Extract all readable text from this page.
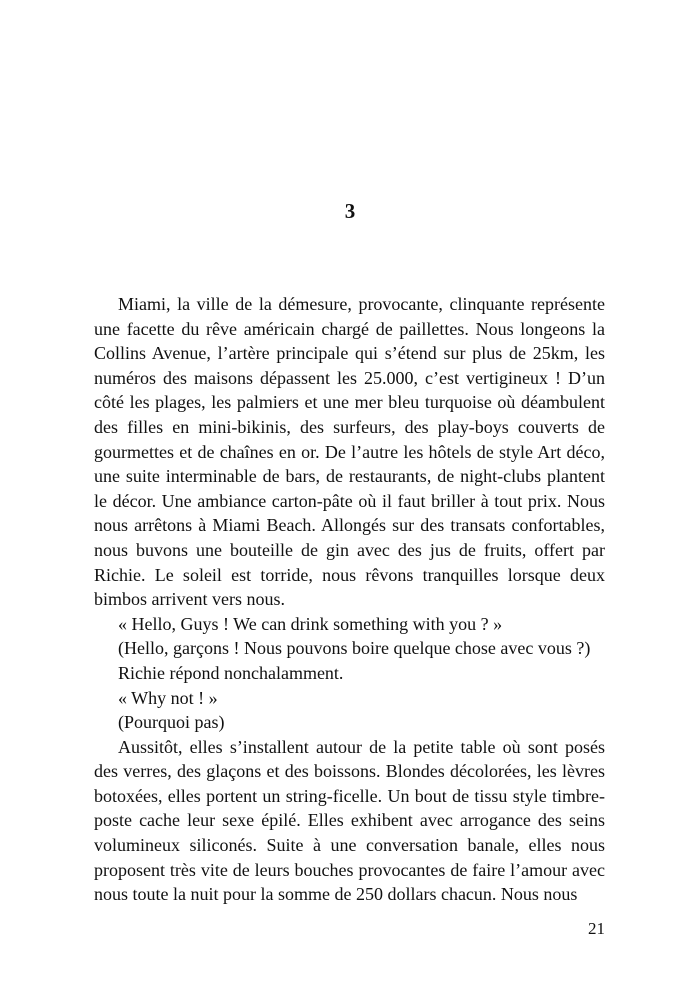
3

Miami, la ville de la démesure, provocante, clinquante représente une facette du rêve américain chargé de paillettes. Nous longeons la Collins Avenue, l’artère principale qui s’étend sur plus de 25km, les numéros des maisons dépassent les 25.000, c’est vertigineux ! D’un côté les plages, les palmiers et une mer bleu turquoise où déambulent des filles en mini-bikinis, des surfeurs, des play-boys couverts de gourmettes et de chaînes en or. De l’autre les hôtels de style Art déco, une suite interminable de bars, de restaurants, de night-clubs plantent le décor. Une ambiance carton-pâte où il faut briller à tout prix. Nous nous arrêtons à Miami Beach. Allongés sur des transats confortables, nous buvons une bouteille de gin avec des jus de fruits, offert par Richie. Le soleil est torride, nous rêvons tranquilles lorsque deux bimbos arrivent vers nous.

« Hello, Guys ! We can drink something with you ? »

(Hello, garçons ! Nous pouvons boire quelque chose avec vous ?)

Richie répond nonchalamment.

« Why not ! »

(Pourquoi pas)

Aussitôt, elles s’installent autour de la petite table où sont posés des verres, des glaçons et des boissons. Blondes décolorées, les lèvres botoxées, elles portent un string-ficelle. Un bout de tissu style timbre-poste cache leur sexe épilé. Elles exhibent avec arrogance des seins volumineux siliconés. Suite à une conversation banale, elles nous proposent très vite de leurs bouches provocantes de faire l’amour avec nous toute la nuit pour la somme de 250 dollars chacun. Nous nous

21
